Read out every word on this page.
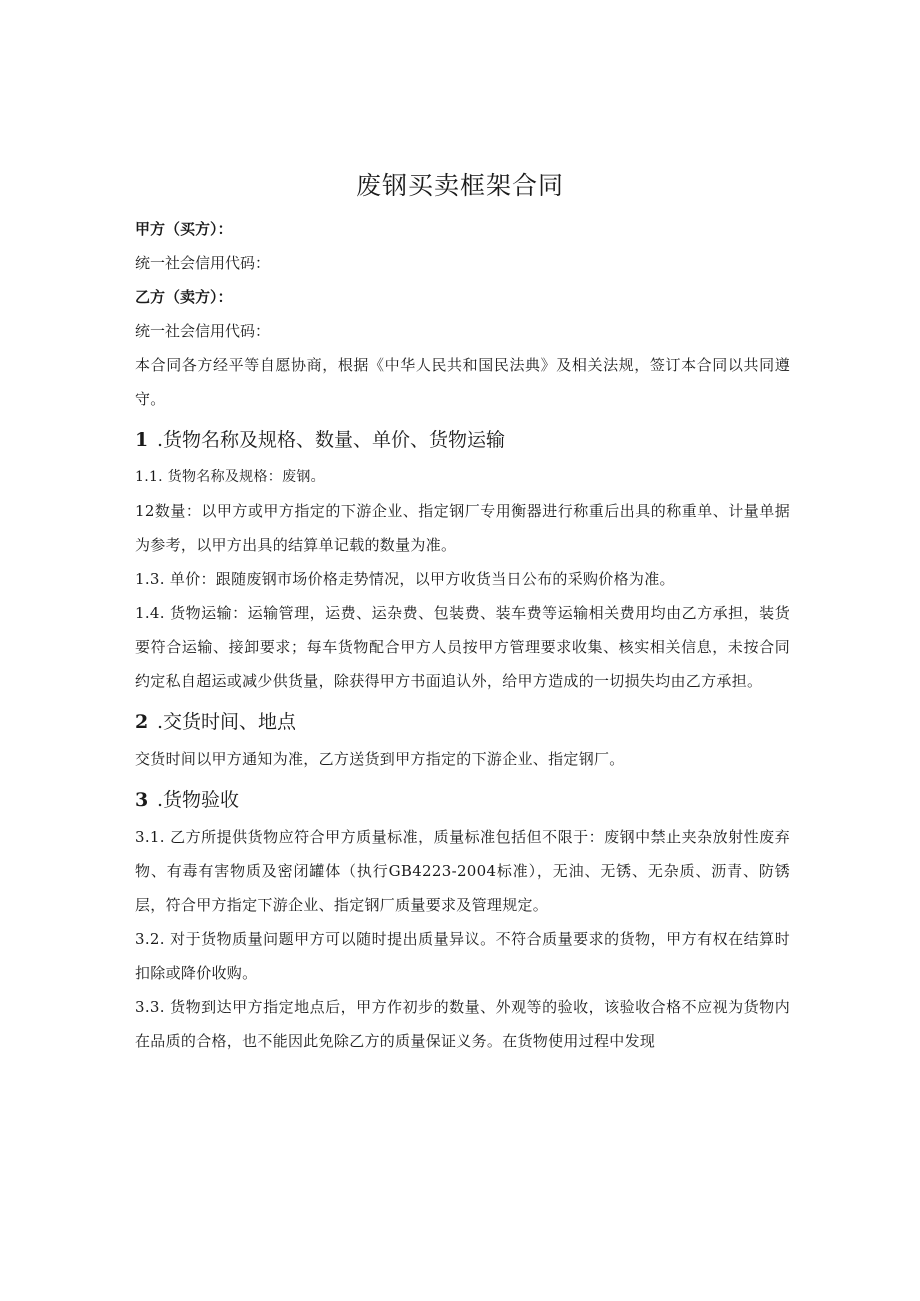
废钢买卖框架合同

甲方（买方）：

统一社会信用代码：

乙方（卖方）：

统一社会信用代码：

本合同各方经平等自愿协商，根据《中华人民共和国民法典》及相关法规，签订本合同以共同遵守。

1 .货物名称及规格、数量、单价、货物运输

1.1. 货物名称及规格：废钢。

12数量：以甲方或甲方指定的下游企业、指定钢厂专用衡器进行称重后出具的称重单、计量单据为参考，以甲方出具的结算单记载的数量为准。

1.3. 单价：跟随废钢市场价格走势情况，以甲方收货当日公布的采购价格为准。

1.4. 货物运输：运输管理，运费、运杂费、包装费、装车费等运输相关费用均由乙方承担，装货要符合运输、接卸要求；每车货物配合甲方人员按甲方管理要求收集、核实相关信息，未按合同约定私自超运或减少供货量，除获得甲方书面追认外，给甲方造成的一切损失均由乙方承担。

2 .交货时间、地点

交货时间以甲方通知为准，乙方送货到甲方指定的下游企业、指定钢厂。

3 .货物验收

3.1. 乙方所提供货物应符合甲方质量标准，质量标准包括但不限于：废钢中禁止夹杂放射性废弃物、有毒有害物质及密闭罐体（执行GB4223-2004标准），无油、无锈、无杂质、沥青、防锈层，符合甲方指定下游企业、指定钢厂质量要求及管理规定。

3.2. 对于货物质量问题甲方可以随时提出质量异议。不符合质量要求的货物，甲方有权在结算时扣除或降价收购。

3.3. 货物到达甲方指定地点后，甲方作初步的数量、外观等的验收，该验收合格不应视为货物内在品质的合格，也不能因此免除乙方的质量保证义务。在货物使用过程中发现
